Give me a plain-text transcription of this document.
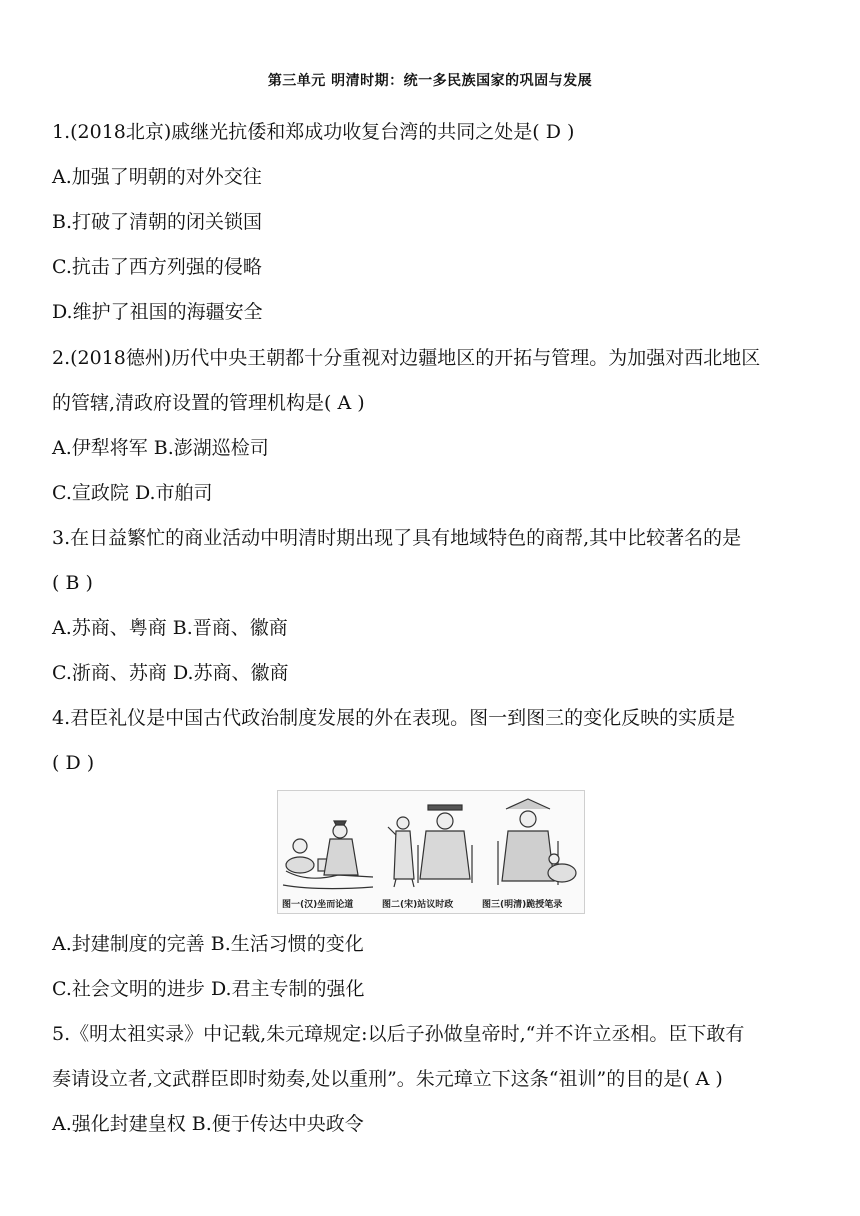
第三单元 明清时期：统一多民族国家的巩固与发展
1.(2018北京)戚继光抗倭和郑成功收复台湾的共同之处是( D )
A.加强了明朝的对外交往
B.打破了清朝的闭关锁国
C.抗击了西方列强的侵略
D.维护了祖国的海疆安全
2.(2018德州)历代中央王朝都十分重视对边疆地区的开拓与管理。为加强对西北地区
的管辖,清政府设置的管理机构是( A )
A.伊犁将军 B.澎湖巡检司
C.宣政院 D.市舶司
3.在日益繁忙的商业活动中明清时期出现了具有地域特色的商帮,其中比较著名的是
( B )
A.苏商、粤商 B.晋商、徽商
C.浙商、苏商 D.苏商、徽商
4.君臣礼仪是中国古代政治制度发展的外在表现。图一到图三的变化反映的实质是
( D )
图一(汉)坐而论道	图二(宋)站议时政	图三(明清)跪授笔录
A.封建制度的完善 B.生活习惯的变化
C.社会文明的进步 D.君主专制的强化
5.《明太祖实录》中记载,朱元璋规定:以后子孙做皇帝时,“并不许立丞相。臣下敢有
奏请设立者,文武群臣即时劾奏,处以重刑”。朱元璋立下这条“祖训”的目的是( A )
A.强化封建皇权 B.便于传达中央政令
